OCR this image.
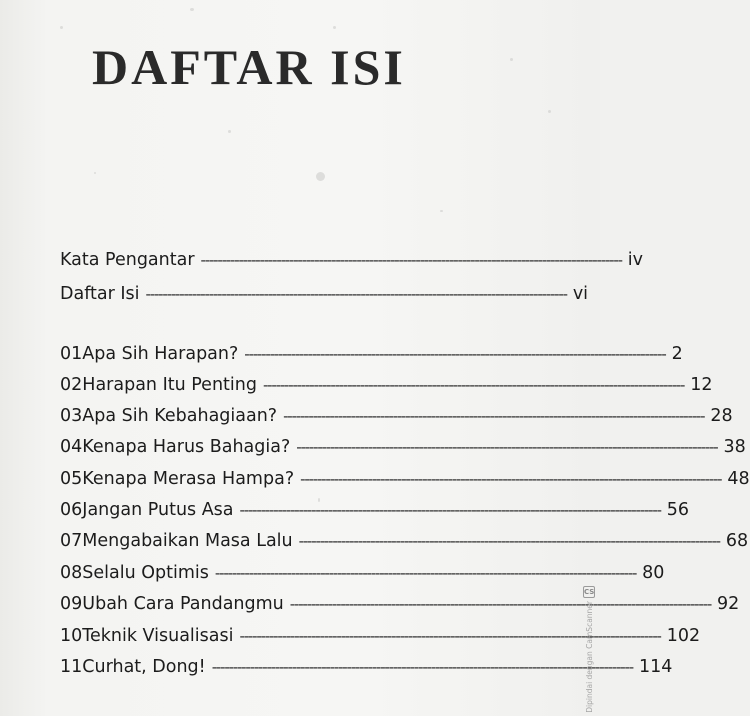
DAFTAR ISI
Kata Pengantar ---------------------------------------------------------------------------------------------------- iv
Daftar Isi ---------------------------------------------------------------------------------------------------- vi
01 Apa Sih Harapan? ---------------------------------------------------------------------------------------------------- 2
02 Harapan Itu Penting ---------------------------------------------------------------------------------------------------- 12
03 Apa Sih Kebahagiaan? ---------------------------------------------------------------------------------------------------- 28
04 Kenapa Harus Bahagia? ---------------------------------------------------------------------------------------------------- 38
05 Kenapa Merasa Hampa? ---------------------------------------------------------------------------------------------------- 48
06 Jangan Putus Asa ---------------------------------------------------------------------------------------------------- 56
07 Mengabaikan Masa Lalu ---------------------------------------------------------------------------------------------------- 68
08 Selalu Optimis ---------------------------------------------------------------------------------------------------- 80
09 Ubah Cara Pandangmu ---------------------------------------------------------------------------------------------------- 92
10 Teknik Visualisasi ---------------------------------------------------------------------------------------------------- 102
11 Curhat, Dong! ---------------------------------------------------------------------------------------------------- 114
CS
Dipindai dengan CamScanner
